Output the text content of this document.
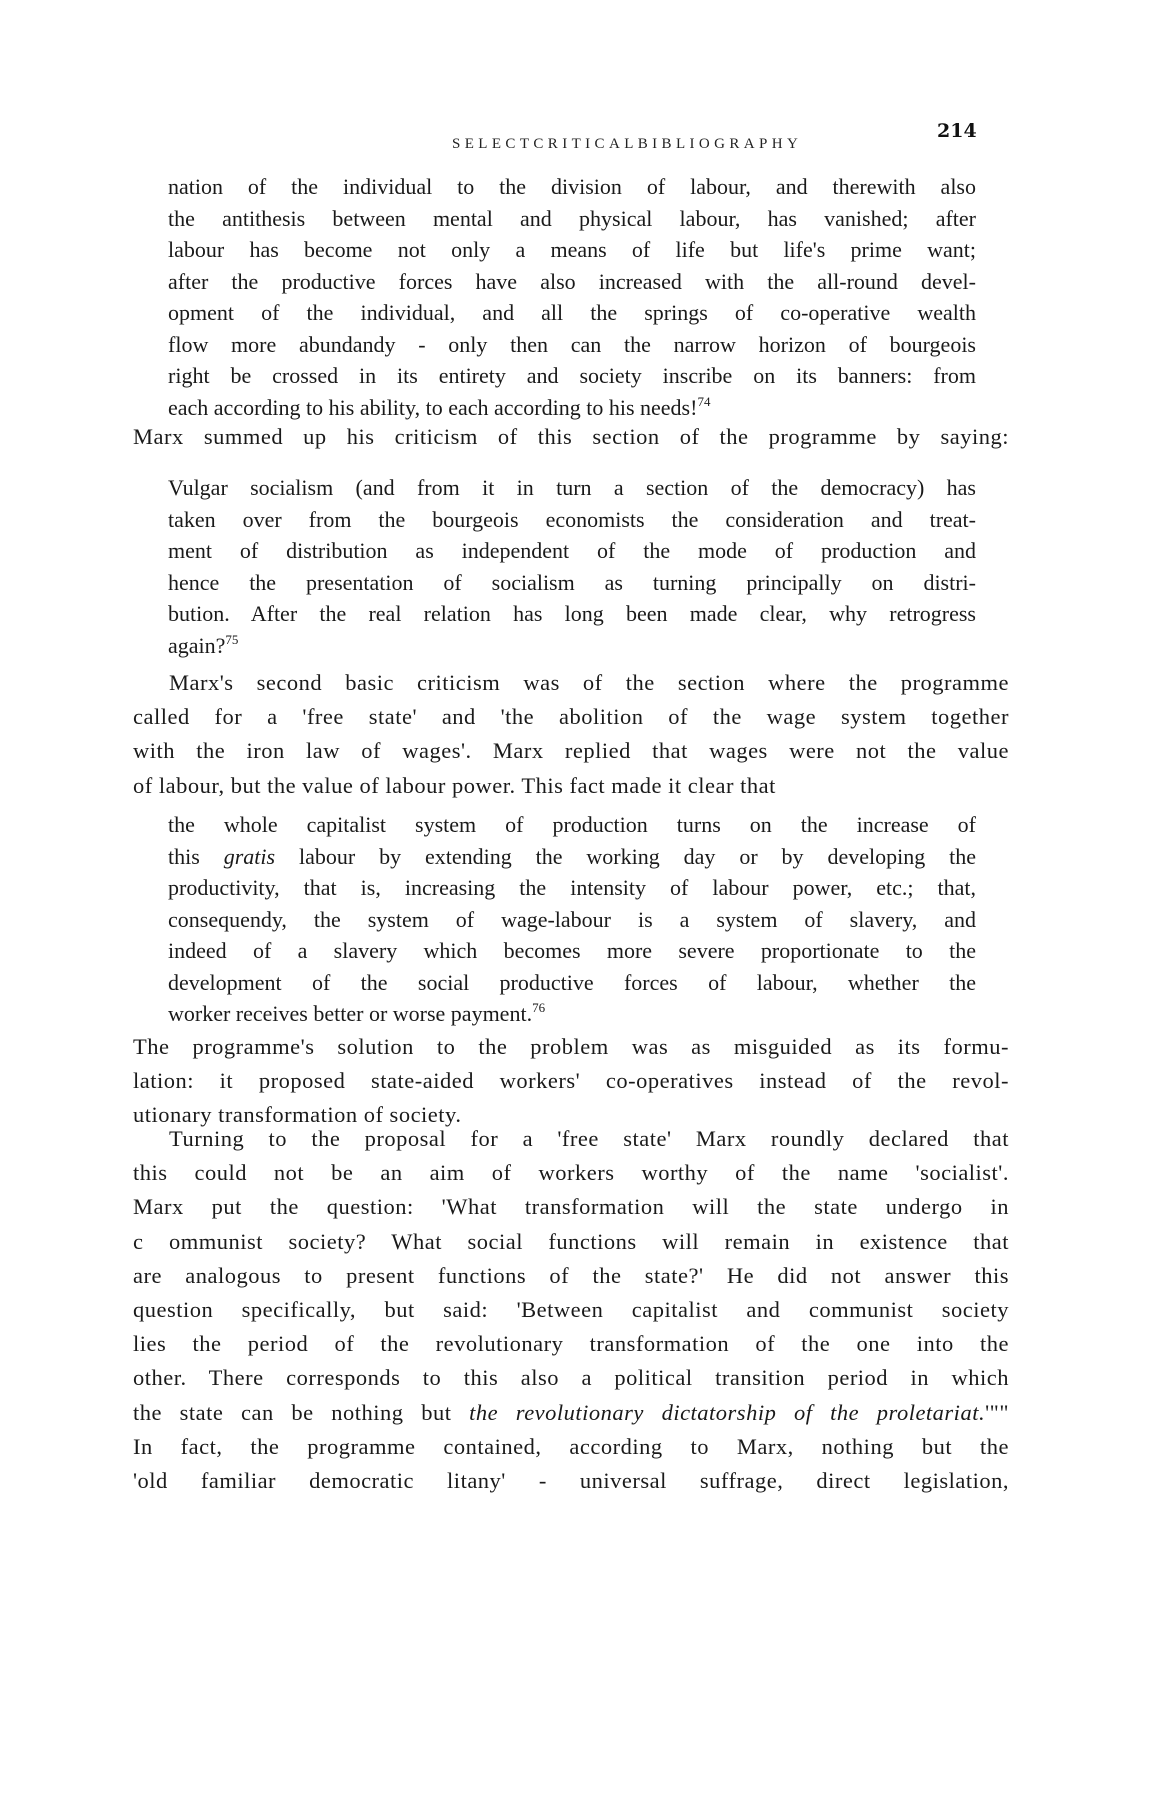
SELECTCRITICALBIBLIOGRAPHY
214
nation of the individual to the division of labour, and therewith also
the antithesis between mental and physical labour, has vanished; after
labour has become not only a means of life but life's prime want;
after the productive forces have also increased with the all-round devel-
opment of the individual, and all the springs of co-operative wealth
flow more abundandy - only then can the narrow horizon of bourgeois
right be crossed in its entirety and society inscribe on its banners: from
each according to his ability, to each according to his needs!$^{74}$
Marx summed up his criticism of this section of the programme by saying:
Vulgar socialism (and from it in turn a section of the democracy) has
taken over from the bourgeois economists the consideration and treat-
ment of distribution as independent of the mode of production and
hence the presentation of socialism as turning principally on distri-
bution. After the real relation has long been made clear, why retrogress
again?$^{75}$
Marx's second basic criticism was of the section where the programme
called for a 'free state' and 'the abolition of the wage system together
with the iron law of wages'. Marx replied that wages were not the value
of labour, but the value of labour power. This fact made it clear that
the whole capitalist system of production turns on the increase of
this gratis labour by extending the working day or by developing the
productivity, that is, increasing the intensity of labour power, etc.; that,
consequendy, the system of wage-labour is a system of slavery, and
indeed of a slavery which becomes more severe proportionate to the
development of the social productive forces of labour, whether the
worker receives better or worse payment.$^{76}$
The programme's solution to the problem was as misguided as its formu-
lation: it proposed state-aided workers' co-operatives instead of the revol-
utionary transformation of society.
Turning to the proposal for a 'free state' Marx roundly declared that
this could not be an aim of workers worthy of the name 'socialist'.
Marx put the question: 'What transformation will the state undergo in
c ommunist society? What social functions will remain in existence that
are analogous to present functions of the state?' He did not answer this
question specifically, but said: 'Between capitalist and communist society
lies the period of the revolutionary transformation of the one into the
other. There corresponds to this also a political transition period in which
the state can be nothing but the revolutionary dictatorship of the proletariat.'""
In fact, the programme contained, according to Marx, nothing but the
'old familiar democratic litany' - universal suffrage, direct legislation,
